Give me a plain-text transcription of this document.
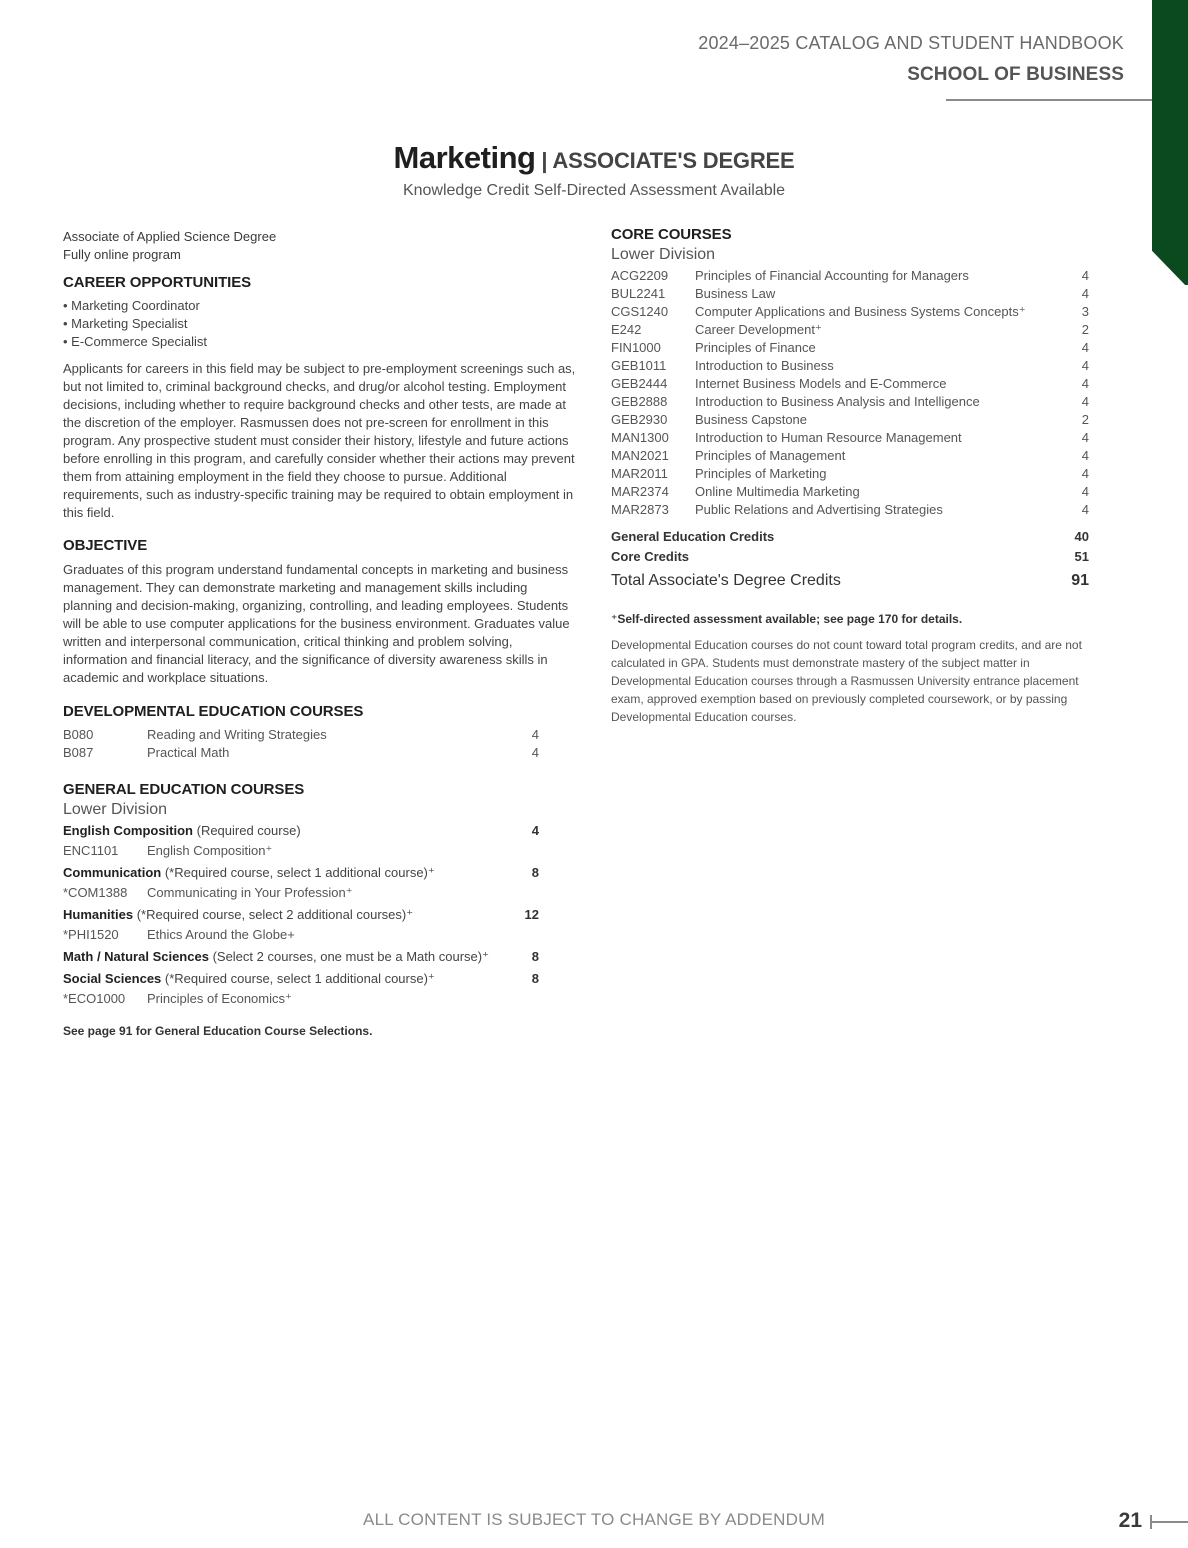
2024–2025 CATALOG AND STUDENT HANDBOOK
SCHOOL OF BUSINESS
Marketing | ASSOCIATE'S DEGREE
Knowledge Credit Self-Directed Assessment Available
Associate of Applied Science Degree
Fully online program
CAREER OPPORTUNITIES
• Marketing Coordinator
• Marketing Specialist
• E-Commerce Specialist

Applicants for careers in this field may be subject to pre-employment screenings such as, but not limited to, criminal background checks, and drug/or alcohol testing. Employment decisions, including whether to require background checks and other tests, are made at the discretion of the employer. Rasmussen does not pre-screen for enrollment in this program. Any prospective student must consider their history, lifestyle and future actions before enrolling in this program, and carefully consider whether their actions may prevent them from attaining employment in the field they choose to pursue. Additional requirements, such as industry-specific training may be required to obtain employment in this field.

OBJECTIVE

Graduates of this program understand fundamental concepts in marketing and business management. They can demonstrate marketing and management skills including planning and decision-making, organizing, controlling, and leading employees. Students will be able to use computer applications for the business environment. Graduates value written and interpersonal communication, critical thinking and problem solving, information and financial literacy, and the significance of diversity awareness skills in academic and workplace situations.

DEVELOPMENTAL EDUCATION COURSES
B080	Reading and Writing Strategies	4
B087	Practical Math	4
GENERAL EDUCATION COURSES
Lower Division
English Composition (Required course)	4
ENC1101	English Composition⁺
Communication (*Required course, select 1 additional course)⁺	8
*COM1388	Communicating in Your Profession⁺
Humanities (*Required course, select 2 additional courses)⁺	12
*PHI1520	Ethics Around the Globe+
Math / Natural Sciences (Select 2 courses, one must be a Math course)⁺	8
Social Sciences (*Required course, select 1 additional course)⁺	8
*ECO1000	Principles of Economics⁺
See page 91 for General Education Course Selections.
CORE COURSES
Lower Division
ACG2209	Principles of Financial Accounting for Managers	4
BUL2241	Business Law	4
CGS1240	Computer Applications and Business Systems Concepts⁺	3
E242	Career Development⁺	2
FIN1000	Principles of Finance	4
GEB1011	Introduction to Business	4
GEB2444	Internet Business Models and E-Commerce	4
GEB2888	Introduction to Business Analysis and Intelligence	4
GEB2930	Business Capstone	2
MAN1300	Introduction to Human Resource Management	4
MAN2021	Principles of Management	4
MAR2011	Principles of Marketing	4
MAR2374	Online Multimedia Marketing	4
MAR2873	Public Relations and Advertising Strategies	4
General Education Credits	40
Core Credits	51
Total Associate's Degree Credits	91
⁺Self-directed assessment available; see page 170 for details.
Developmental Education courses do not count toward total program credits, and are not calculated in GPA. Students must demonstrate mastery of the subject matter in Developmental Education courses through a Rasmussen University entrance placement exam, approved exemption based on previously completed coursework, or by passing Developmental Education courses.
ALL CONTENT IS SUBJECT TO CHANGE BY ADDENDUM	21
